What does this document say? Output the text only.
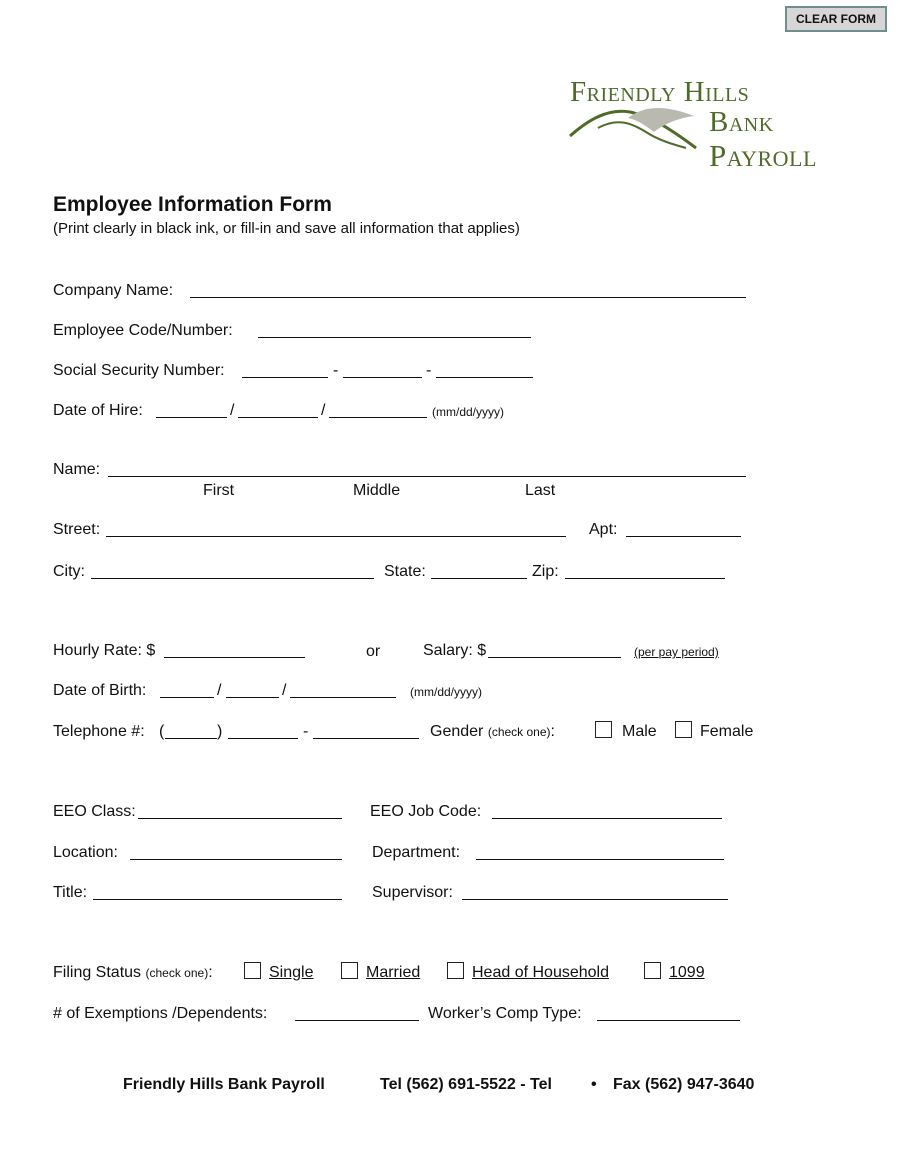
CLEAR FORM
Friendly Hills
Bank
Payroll
Employee Information Form
(Print clearly in black ink, or fill-in and save all information that applies)
Company Name:
Employee Code/Number:
Social Security Number:	-	-
Date of Hire:	/	/	(mm/dd/yyyy)
Name:
First	Middle	Last
Street:	Apt:
City:	State:	Zip:
Hourly Rate: $	or	Salary: $	(per pay period)
Date of Birth:	/	/	(mm/dd/yyyy)
Telephone #: (	)	-	Gender (check one):	Male	Female
EEO Class:	EEO Job Code:
Location:	Department:
Title:	Supervisor:
Filing Status (check one):	Single	Married	Head of Household	1099
# of Exemptions /Dependents:	Worker’s Comp Type:
Friendly Hills Bank Payroll	Tel (562) 691-5522 - Tel • Fax (562) 947-3640
